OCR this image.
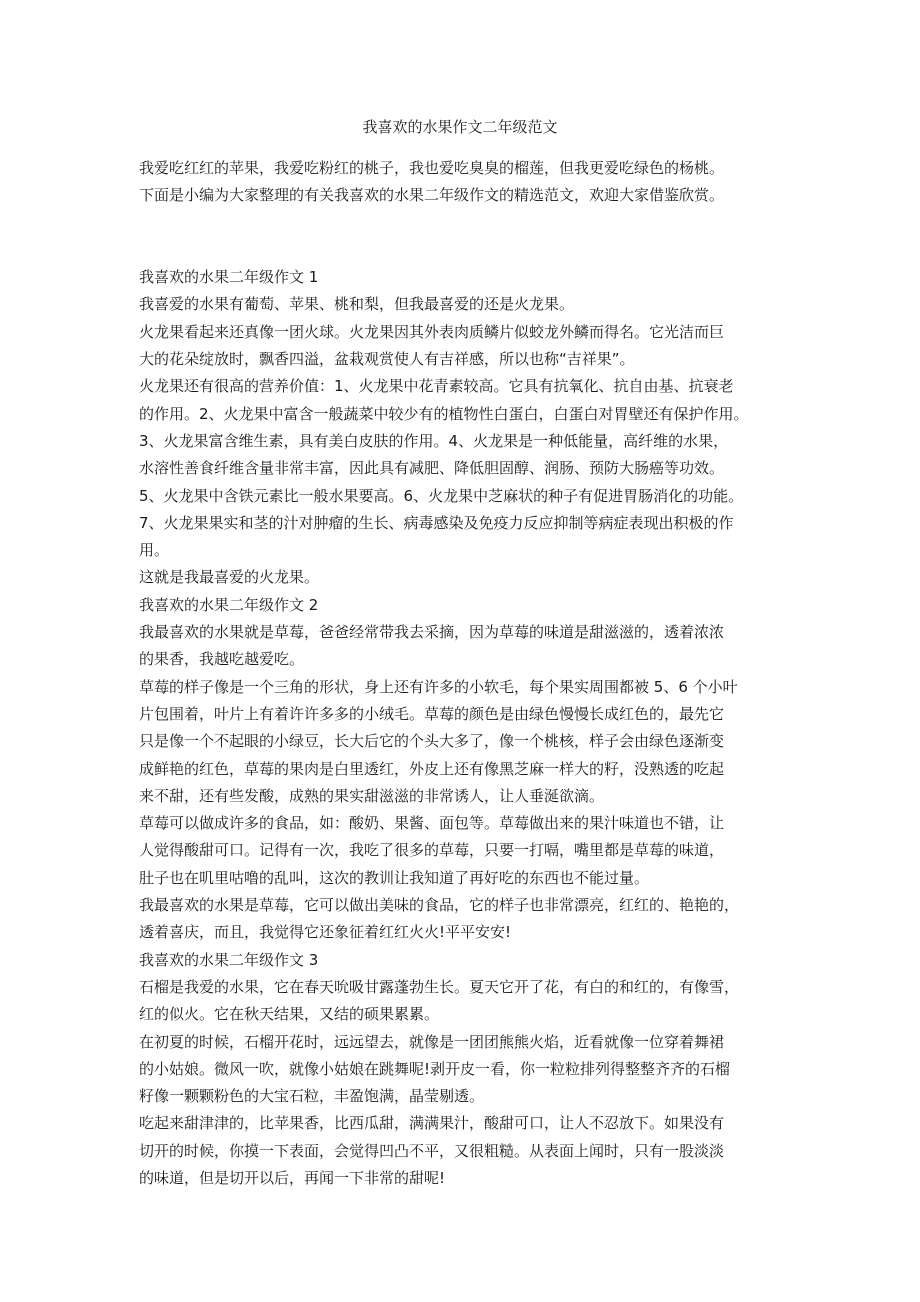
我喜欢的水果作文二年级范文
我爱吃红红的苹果，我爱吃粉红的桃子，我也爱吃臭臭的榴莲，但我更爱吃绿色的杨桃。
下面是小编为大家整理的有关我喜欢的水果二年级作文的精选范文，欢迎大家借鉴欣赏。
我喜欢的水果二年级作文 1
我喜爱的水果有葡萄、苹果、桃和梨，但我最喜爱的还是火龙果。
火龙果看起来还真像一团火球。火龙果因其外表肉质鳞片似蛟龙外鳞而得名。它光洁而巨
大的花朵绽放时，飘香四溢，盆栽观赏使人有吉祥感，所以也称“吉祥果”。
火龙果还有很高的营养价值：1、火龙果中花青素较高。它具有抗氧化、抗自由基、抗衰老
的作用。2、火龙果中富含一般蔬菜中较少有的植物性白蛋白，白蛋白对胃壁还有保护作用。
3、火龙果富含维生素，具有美白皮肤的作用。4、火龙果是一种低能量，高纤维的水果，
水溶性善食纤维含量非常丰富，因此具有减肥、降低胆固醇、润肠、预防大肠癌等功效。
5、火龙果中含铁元素比一般水果要高。6、火龙果中芝麻状的种子有促进胃肠消化的功能。
7、火龙果果实和茎的汁对肿瘤的生长、病毒感染及免疫力反应抑制等病症表现出积极的作
用。
这就是我最喜爱的火龙果。
我喜欢的水果二年级作文 2
我最喜欢的水果就是草莓，爸爸经常带我去采摘，因为草莓的味道是甜滋滋的，透着浓浓
的果香，我越吃越爱吃。
草莓的样子像是一个三角的形状，身上还有许多的小软毛，每个果实周围都被 5、6 个小叶
片包围着，叶片上有着许许多多的小绒毛。草莓的颜色是由绿色慢慢长成红色的，最先它
只是像一个不起眼的小绿豆，长大后它的个头大多了，像一个桃核，样子会由绿色逐渐变
成鲜艳的红色，草莓的果肉是白里透红，外皮上还有像黑芝麻一样大的籽，没熟透的吃起
来不甜，还有些发酸，成熟的果实甜滋滋的非常诱人，让人垂涎欲滴。
草莓可以做成许多的食品，如：酸奶、果酱、面包等。草莓做出来的果汁味道也不错，让
人觉得酸甜可口。记得有一次，我吃了很多的草莓，只要一打嗝，嘴里都是草莓的味道，
肚子也在叽里咕噜的乱叫，这次的教训让我知道了再好吃的东西也不能过量。
我最喜欢的水果是草莓，它可以做出美味的食品，它的样子也非常漂亮，红红的、艳艳的，
透着喜庆，而且，我觉得它还象征着红红火火!平平安安!
我喜欢的水果二年级作文 3
石榴是我爱的水果，它在春天吮吸甘露蓬勃生长。夏天它开了花，有白的和红的，有像雪，
红的似火。它在秋天结果，又结的硕果累累。
在初夏的时候，石榴开花时，远远望去，就像是一团团熊熊火焰，近看就像一位穿着舞裙
的小姑娘。微风一吹，就像小姑娘在跳舞呢!剥开皮一看，你一粒粒排列得整整齐齐的石榴
籽像一颗颗粉色的大宝石粒，丰盈饱满，晶莹剔透。
吃起来甜津津的，比苹果香，比西瓜甜，满满果汁，酸甜可口，让人不忍放下。如果没有
切开的时候，你摸一下表面，会觉得凹凸不平，又很粗糙。从表面上闻时，只有一股淡淡
的味道，但是切开以后，再闻一下非常的甜呢!
